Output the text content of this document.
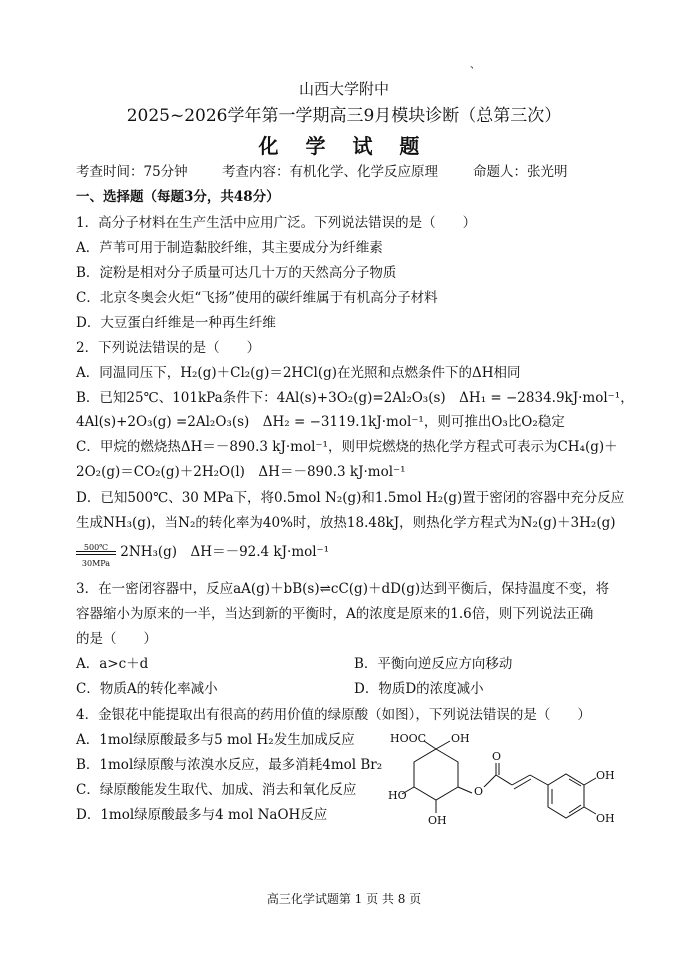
、
山西大学附中
2025~2026学年第一学期高三9月模块诊断（总第三次）
化 学 试 题
考查时间：75分钟	考查内容：有机化学、化学反应原理	命题人：张光明
一、选择题（每题3分，共48分）
1．高分子材料在生产生活中应用广泛。下列说法错误的是（　　）
A．芦苇可用于制造黏胶纤维，其主要成分为纤维素
B．淀粉是相对分子质量可达几十万的天然高分子物质
C．北京冬奥会火炬“飞扬”使用的碳纤维属于有机高分子材料
D．大豆蛋白纤维是一种再生纤维
2．下列说法错误的是（　　）
A．同温同压下，H₂(g)＋Cl₂(g)＝2HCl(g)在光照和点燃条件下的ΔH相同
B．已知25℃、101kPa条件下：4Al(s)+3O₂(g)=2Al₂O₃(s)　ΔH₁ = −2834.9kJ·mol⁻¹，
4Al(s)+2O₃(g) =2Al₂O₃(s)　ΔH₂ = −3119.1kJ·mol⁻¹，则可推出O₃比O₂稳定
C．甲烷的燃烧热ΔH＝－890.3 kJ·mol⁻¹，则甲烷燃烧的热化学方程式可表示为CH₄(g)＋
2O₂(g)＝CO₂(g)＋2H₂O(l)　ΔH＝－890.3 kJ·mol⁻¹
D．已知500℃、30 MPa下，将0.5mol N₂(g)和1.5mol H₂(g)置于密闭的容器中充分反应
生成NH₃(g)，当N₂的转化率为40%时，放热18.48kJ，则热化学方程式为N₂(g)＋3H₂(g)
500℃
30MPa
2NH₃(g)　ΔH＝－92.4 kJ·mol⁻¹
3．在一密闭容器中，反应aA(g)＋bB(s)⇌cC(g)＋dD(g)达到平衡后，保持温度不变，将
容器缩小为原来的一半，当达到新的平衡时，A的浓度是原来的1.6倍，则下列说法正确
的是（　　）
A．a>c＋d	B．平衡向逆反应方向移动
C．物质A的转化率减小	D．物质D的浓度减小
4．金银花中能提取出有很高的药用价值的绿原酸（如图），下列说法错误的是（　　）
A．1mol绿原酸最多与5 mol H₂发生加成反应
B．1mol绿原酸与浓溴水反应，最多消耗4mol Br₂
C．绿原酸能发生取代、加成、消去和氧化反应
D．1mol绿原酸最多与4 mol NaOH反应
HOOC OH
HO
OH
O
O
OH
OH
高三化学试题第 1 页 共 8 页
